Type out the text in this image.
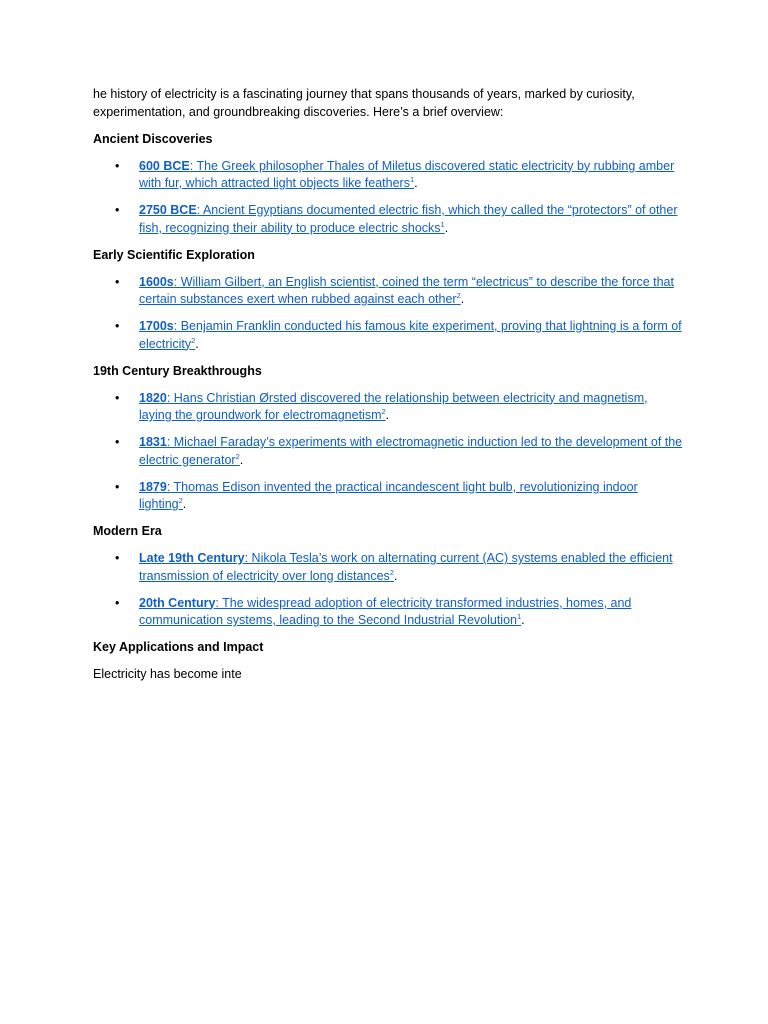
he history of electricity is a fascinating journey that spans thousands of years, marked by curiosity, experimentation, and groundbreaking discoveries. Here’s a brief overview:

Ancient Discoveries
• 600 BCE: The Greek philosopher Thales of Miletus discovered static electricity by rubbing amber with fur, which attracted light objects like feathers$^1$.
• 2750 BCE: Ancient Egyptians documented electric fish, which they called the “protectors” of other fish, recognizing their ability to produce electric shocks$^1$.
Early Scientific Exploration
• 1600s: William Gilbert, an English scientist, coined the term “electricus” to describe the force that certain substances exert when rubbed against each other$^2$.
• 1700s: Benjamin Franklin conducted his famous kite experiment, proving that lightning is a form of electricity$^2$.
19th Century Breakthroughs
• 1820: Hans Christian Ørsted discovered the relationship between electricity and magnetism, laying the groundwork for electromagnetism$^2$.
• 1831: Michael Faraday’s experiments with electromagnetic induction led to the development of the electric generator$^2$.
• 1879: Thomas Edison invented the practical incandescent light bulb, revolutionizing indoor lighting$^2$.
Modern Era
• Late 19th Century: Nikola Tesla’s work on alternating current (AC) systems enabled the efficient transmission of electricity over long distances$^2$.
• 20th Century: The widespread adoption of electricity transformed industries, homes, and communication systems, leading to the Second Industrial Revolution$^1$.
Key Applications and Impact

Electricity has become inte
